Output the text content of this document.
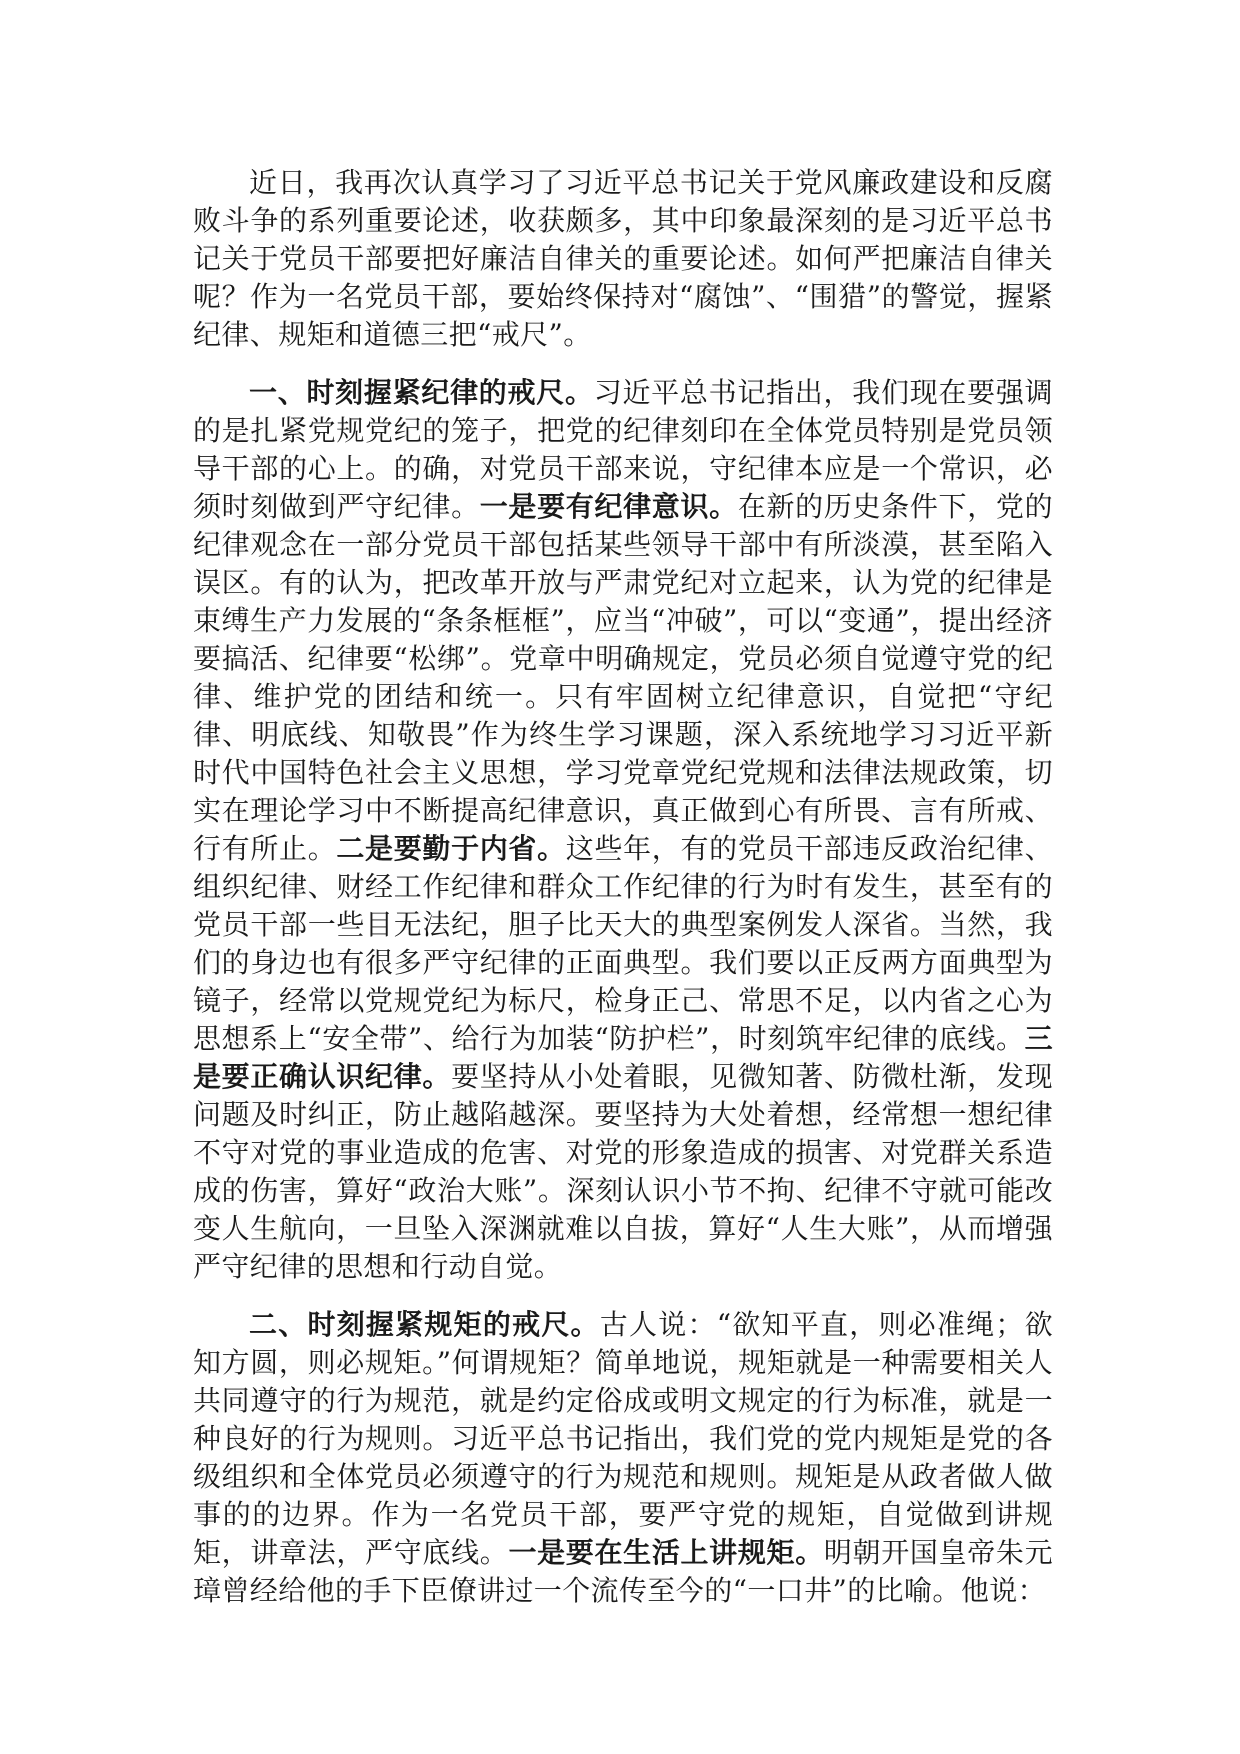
近日，我再次认真学习了习近平总书记关于党风廉政建设和反腐败斗争的系列重要论述，收获颇多，其中印象最深刻的是习近平总书记关于党员干部要把好廉洁自律关的重要论述。如何严把廉洁自律关呢？作为一名党员干部，要始终保持对“腐蚀”、“围猎”的警觉，握紧纪律、规矩和道德三把“戒尺”。

一、时刻握紧纪律的戒尺。习近平总书记指出，我们现在要强调的是扎紧党规党纪的笼子，把党的纪律刻印在全体党员特别是党员领导干部的心上。的确，对党员干部来说，守纪律本应是一个常识，必须时刻做到严守纪律。一是要有纪律意识。在新的历史条件下，党的纪律观念在一部分党员干部包括某些领导干部中有所淡漠，甚至陷入误区。有的认为，把改革开放与严肃党纪对立起来，认为党的纪律是束缚生产力发展的“条条框框”，应当“冲破”，可以“变通”，提出经济要搞活、纪律要“松绑”。党章中明确规定，党员必须自觉遵守党的纪律、维护党的团结和统一。只有牢固树立纪律意识，自觉把“守纪律、明底线、知敬畏”作为终生学习课题，深入系统地学习习近平新时代中国特色社会主义思想，学习党章党纪党规和法律法规政策，切实在理论学习中不断提高纪律意识，真正做到心有所畏、言有所戒、行有所止。二是要勤于内省。这些年，有的党员干部违反政治纪律、组织纪律、财经工作纪律和群众工作纪律的行为时有发生，甚至有的党员干部一些目无法纪，胆子比天大的典型案例发人深省。当然，我们的身边也有很多严守纪律的正面典型。我们要以正反两方面典型为镜子，经常以党规党纪为标尺，检身正己、常思不足，以内省之心为思想系上“安全带”、给行为加装“防护栏”，时刻筑牢纪律的底线。三是要正确认识纪律。要坚持从小处着眼，见微知著、防微杜渐，发现问题及时纠正，防止越陷越深。要坚持为大处着想，经常想一想纪律不守对党的事业造成的危害、对党的形象造成的损害、对党群关系造成的伤害，算好“政治大账”。深刻认识小节不拘、纪律不守就可能改变人生航向，一旦坠入深渊就难以自拔，算好“人生大账”，从而增强严守纪律的思想和行动自觉。

二、时刻握紧规矩的戒尺。古人说：“欲知平直，则必准绳；欲知方圆，则必规矩。”何谓规矩？简单地说，规矩就是一种需要相关人共同遵守的行为规范，就是约定俗成或明文规定的行为标准，就是一种良好的行为规则。习近平总书记指出，我们党的党内规矩是党的各级组织和全体党员必须遵守的行为规范和规则。规矩是从政者做人做事的的边界。作为一名党员干部，要严守党的规矩，自觉做到讲规矩，讲章法，严守底线。一是要在生活上讲规矩。明朝开国皇帝朱元璋曾经给他的手下臣僚讲过一个流传至今的“一口井”的比喻。他说：
